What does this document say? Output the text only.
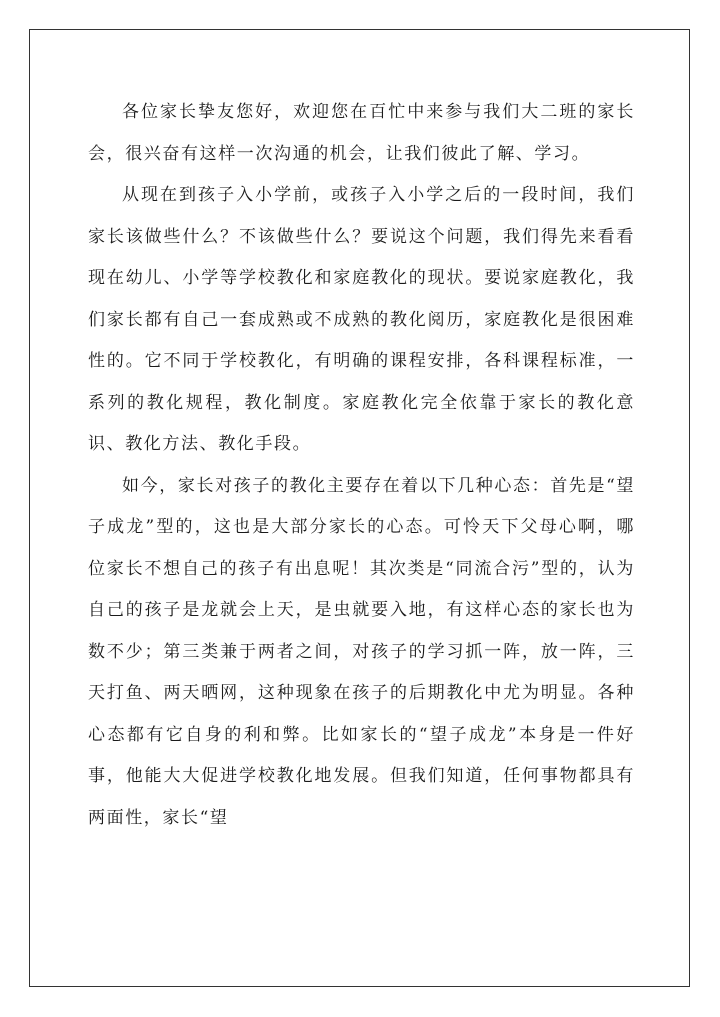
各位家长挚友您好，欢迎您在百忙中来参与我们大二班的家长会，很兴奋有这样一次沟通的机会，让我们彼此了解、学习。

从现在到孩子入小学前，或孩子入小学之后的一段时间，我们家长该做些什么？不该做些什么？要说这个问题，我们得先来看看现在幼儿、小学等学校教化和家庭教化的现状。要说家庭教化，我们家长都有自己一套成熟或不成熟的教化阅历，家庭教化是很困难性的。它不同于学校教化，有明确的课程安排，各科课程标准，一系列的教化规程，教化制度。家庭教化完全依靠于家长的教化意识、教化方法、教化手段。

如今，家长对孩子的教化主要存在着以下几种心态：首先是“望子成龙”型的，这也是大部分家长的心态。可怜天下父母心啊，哪位家长不想自己的孩子有出息呢！其次类是“同流合污”型的，认为自己的孩子是龙就会上天，是虫就要入地，有这样心态的家长也为数不少；第三类兼于两者之间，对孩子的学习抓一阵，放一阵，三天打鱼、两天晒网，这种现象在孩子的后期教化中尤为明显。各种心态都有它自身的利和弊。比如家长的“望子成龙”本身是一件好事，他能大大促进学校教化地发展。但我们知道，任何事物都具有两面性，家长“望
